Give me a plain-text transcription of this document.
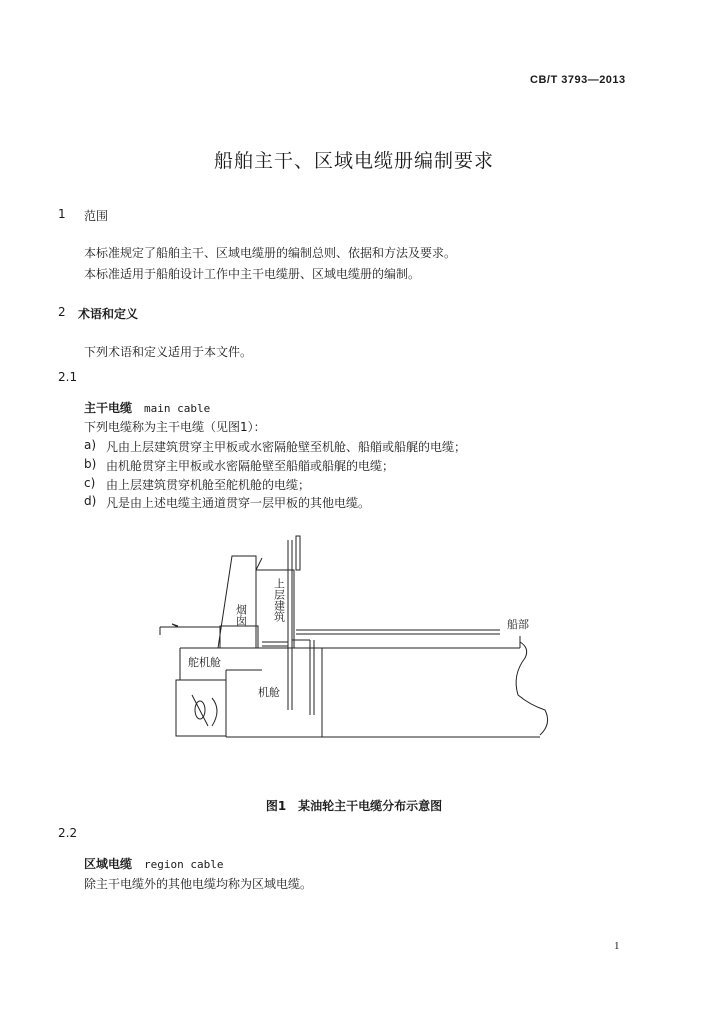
CB/T 3793—2013
船舶主干、区域电缆册编制要求
1 范围
本标准规定了船舶主干、区域电缆册的编制总则、依据和方法及要求。
本标准适用于船舶设计工作中主干电缆册、区域电缆册的编制。
2 术语和定义
下列术语和定义适用于本文件。
2.1
主干电缆 main cable
下列电缆称为主干电缆（见图1）：
a) 凡由上层建筑贯穿主甲板或水密隔舱壁至机舱、船艏或船艉的电缆；
b) 由机舱贯穿主甲板或水密隔舱壁至船艏或船艉的电缆；
c) 由上层建筑贯穿机舱至舵机舱的电缆；
d) 凡是由上述电缆主通道贯穿一层甲板的其他电缆。
烟囱 上层建筑
船部
舵机舱
机舱
图1　某油轮主干电缆分布示意图
2.2
区域电缆 region cable
除主干电缆外的其他电缆均称为区域电缆。
1
